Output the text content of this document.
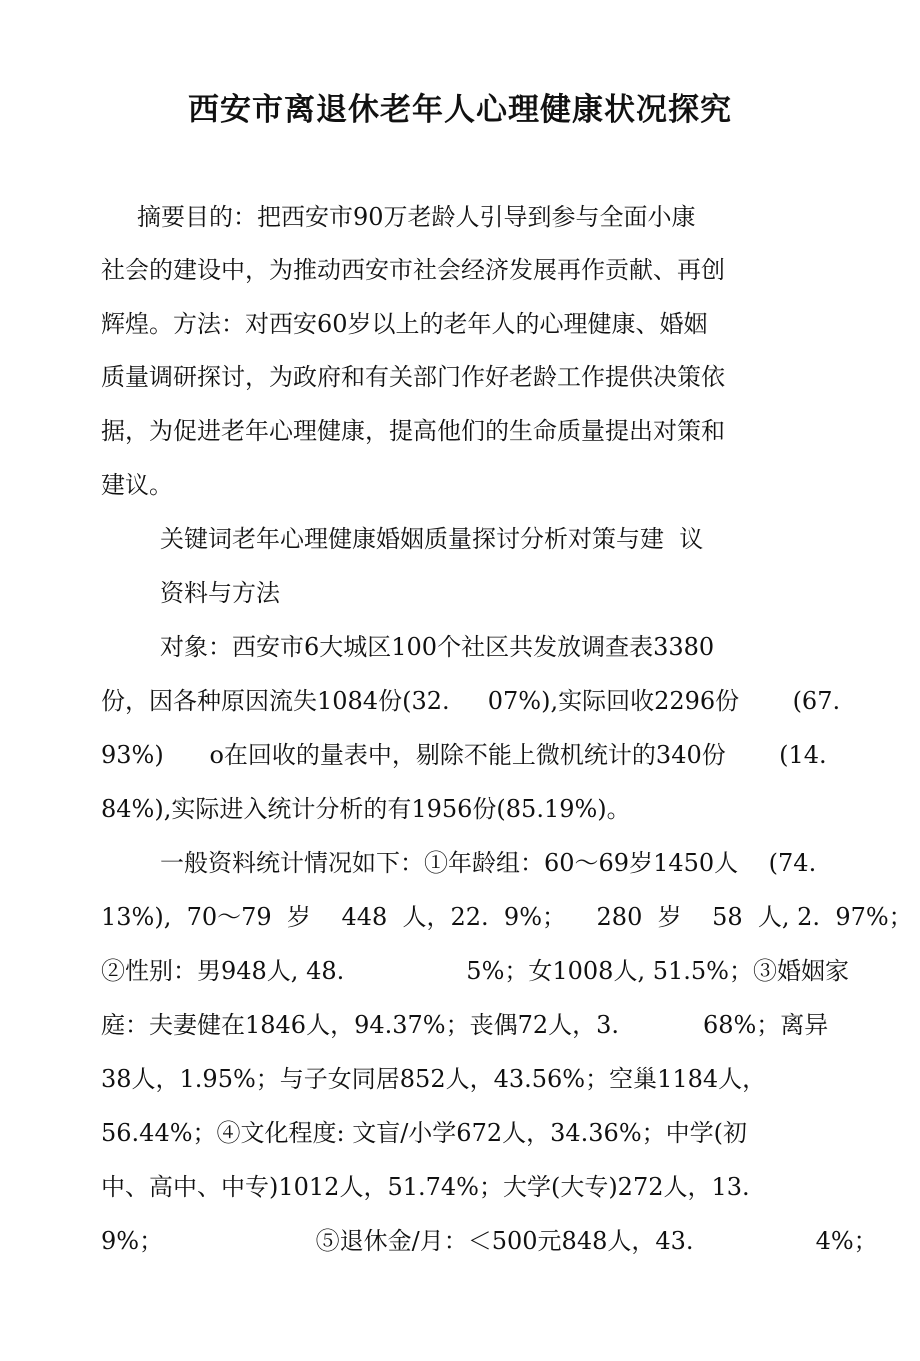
西安市离退休老年人心理健康状况探究
摘要目的：把西安市90万老龄人引导到参与全面小康
社会的建设中，为推动西安市社会经济发展再作贡献、再创
辉煌。方法：对西安60岁以上的老年人的心理健康、婚姻
质量调研探讨，为政府和有关部门作好老龄工作提供决策依
据，为促进老年心理健康，提高他们的生命质量提出对策和
建议。
关键词老年心理健康婚姻质量探讨分析对策与建  议
资料与方法
对象：西安市6大城区100个社区共发放调查表3380
份，因各种原因流失1084份(32.     07%),实际回收2296份       (67.
93%)      o在回收的量表中，剔除不能上微机统计的340份       (14.
84%),实际进入统计分析的有1956份(85.19%)。
一般资料统计情况如下：①年龄组：60～69岁1450人    (74.
13%),  70～79  岁    448  人，22.  9%；    280  岁    58  人, 2.  97%；
②性别：男948人, 48.                5%；女1008人, 51.5%；③婚姻家
庭：夫妻健在1846人，94.37%；丧偶72人，3.           68%；离异
38人，1.95%；与子女同居852人，43.56%；空巢1184人，
56.44%；④文化程度: 文盲/小学672人，34.36%；中学(初
中、高中、中专)1012人，51.74%；大学(大专)272人，13.
9%；                    ⑤退休金/月：＜500元848人，43.                4%；
